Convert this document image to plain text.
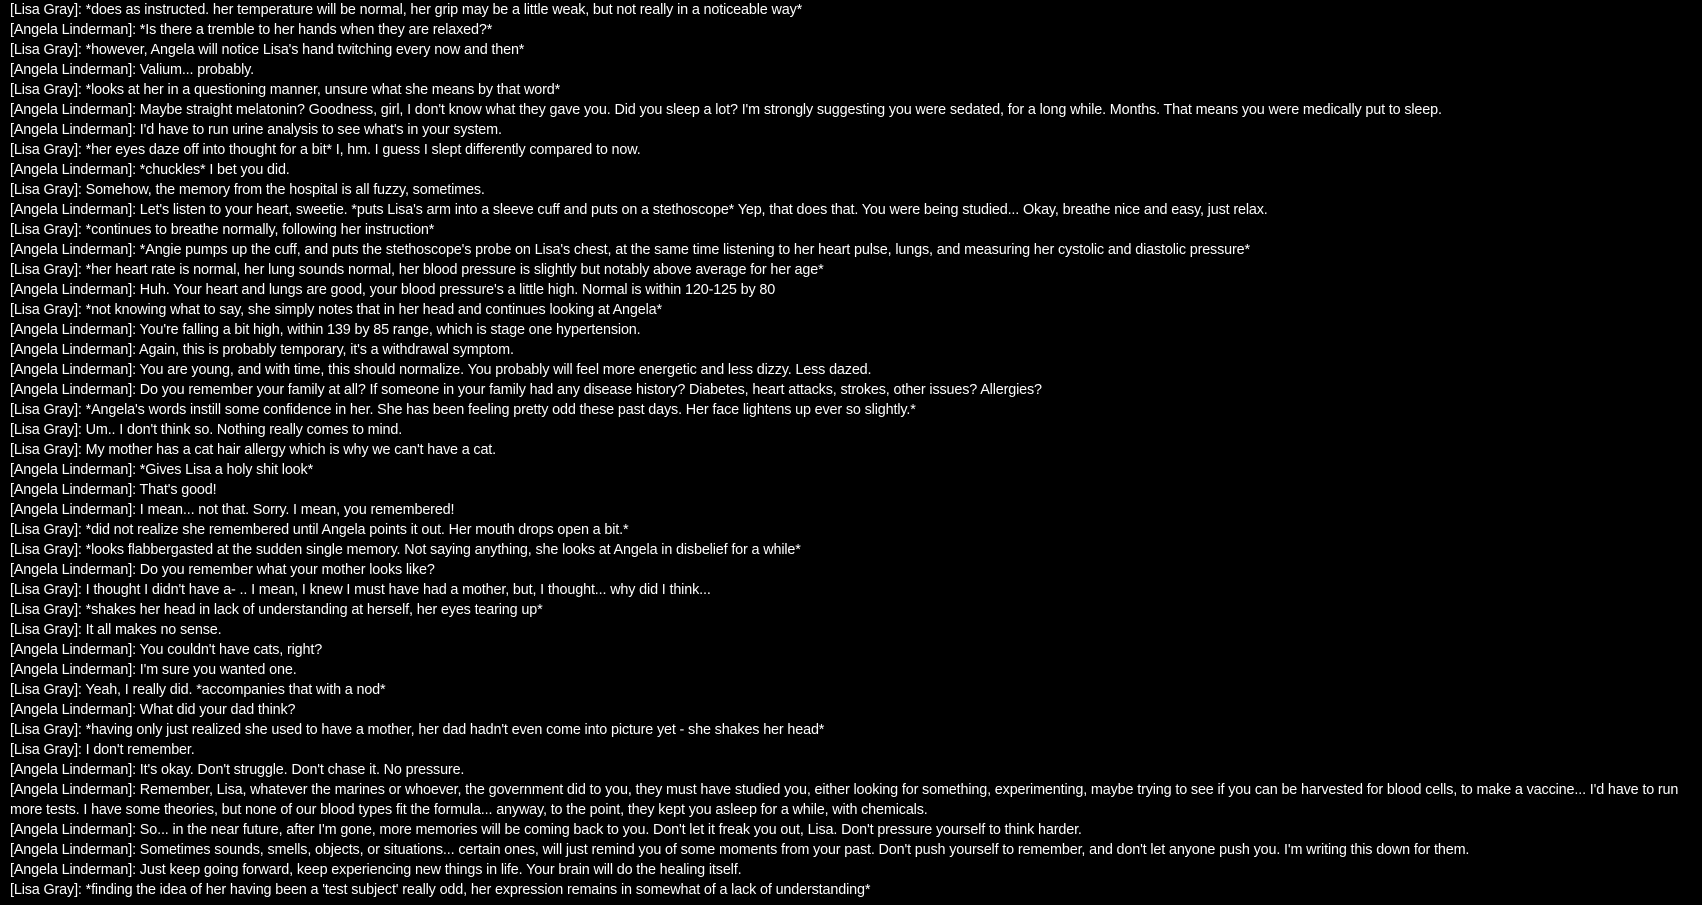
[Lisa Gray]: *does as instructed. her temperature will be normal, her grip may be a little weak, but not really in a noticeable way*
[Angela Linderman]: *Is there a tremble to her hands when they are relaxed?*
[Lisa Gray]: *however, Angela will notice Lisa's hand twitching every now and then*
[Angela Linderman]: Valium... probably.
[Lisa Gray]: *looks at her in a questioning manner, unsure what she means by that word*
[Angela Linderman]: Maybe straight melatonin? Goodness, girl, I don't know what they gave you. Did you sleep a lot? I'm strongly suggesting you were sedated, for a long while. Months. That means you were medically put to sleep.
[Angela Linderman]: I'd have to run urine analysis to see what's in your system.
[Lisa Gray]: *her eyes daze off into thought for a bit* I, hm. I guess I slept differently compared to now.
[Angela Linderman]: *chuckles* I bet you did.
[Lisa Gray]: Somehow, the memory from the hospital is all fuzzy, sometimes.
[Angela Linderman]: Let's listen to your heart, sweetie. *puts Lisa's arm into a sleeve cuff and puts on a stethoscope* Yep, that does that. You were being studied... Okay, breathe nice and easy, just relax.
[Lisa Gray]: *continues to breathe normally, following her instruction*
[Angela Linderman]: *Angie pumps up the cuff, and puts the stethoscope's probe on Lisa's chest, at the same time listening to her heart pulse, lungs, and measuring her cystolic and diastolic pressure*
[Lisa Gray]: *her heart rate is normal, her lung sounds normal, her blood pressure is slightly but notably above average for her age*
[Angela Linderman]: Huh. Your heart and lungs are good, your blood pressure's a little high. Normal is within 120-125 by 80
[Lisa Gray]: *not knowing what to say, she simply notes that in her head and continues looking at Angela*
[Angela Linderman]: You're falling a bit high, within 139 by 85 range, which is stage one hypertension.
[Angela Linderman]: Again, this is probably temporary, it's a withdrawal symptom.
[Angela Linderman]: You are young, and with time, this should normalize. You probably will feel more energetic and less dizzy. Less dazed.
[Angela Linderman]: Do you remember your family at all? If someone in your family had any disease history? Diabetes, heart attacks, strokes, other issues? Allergies?
[Lisa Gray]: *Angela's words instill some confidence in her. She has been feeling pretty odd these past days. Her face lightens up ever so slightly.*
[Lisa Gray]: Um.. I don't think so. Nothing really comes to mind.
[Lisa Gray]: My mother has a cat hair allergy which is why we can't have a cat.
[Angela Linderman]: *Gives Lisa a holy shit look*
[Angela Linderman]: That's good!
[Angela Linderman]: I mean... not that. Sorry. I mean, you remembered!
[Lisa Gray]: *did not realize she remembered until Angela points it out. Her mouth drops open a bit.*
[Lisa Gray]: *looks flabbergasted at the sudden single memory. Not saying anything, she looks at Angela in disbelief for a while*
[Angela Linderman]: Do you remember what your mother looks like?
[Lisa Gray]: I thought I didn't have a- .. I mean, I knew I must have had a mother, but, I thought... why did I think...
[Lisa Gray]: *shakes her head in lack of understanding at herself, her eyes tearing up*
[Lisa Gray]: It all makes no sense.
[Angela Linderman]: You couldn't have cats, right?
[Angela Linderman]: I'm sure you wanted one.
[Lisa Gray]: Yeah, I really did. *accompanies that with a nod*
[Angela Linderman]: What did your dad think?
[Lisa Gray]: *having only just realized she used to have a mother, her dad hadn't even come into picture yet - she shakes her head*
[Lisa Gray]: I don't remember.
[Angela Linderman]: It's okay. Don't struggle. Don't chase it. No pressure.
[Angela Linderman]: Remember, Lisa, whatever the marines or whoever, the government did to you, they must have studied you, either looking for something, experimenting, maybe trying to see if you can be harvested for blood cells, to make a vaccine... I'd have to run more tests. I have some theories, but none of our blood types fit the formula... anyway, to the point, they kept you asleep for a while, with chemicals.
[Angela Linderman]: So... in the near future, after I'm gone, more memories will be coming back to you. Don't let it freak you out, Lisa. Don't pressure yourself to think harder.
[Angela Linderman]: Sometimes sounds, smells, objects, or situations... certain ones, will just remind you of some moments from your past. Don't push yourself to remember, and don't let anyone push you. I'm writing this down for them.
[Angela Linderman]: Just keep going forward, keep experiencing new things in life. Your brain will do the healing itself.
[Lisa Gray]: *finding the idea of her having been a 'test subject' really odd, her expression remains in somewhat of a lack of understanding*
